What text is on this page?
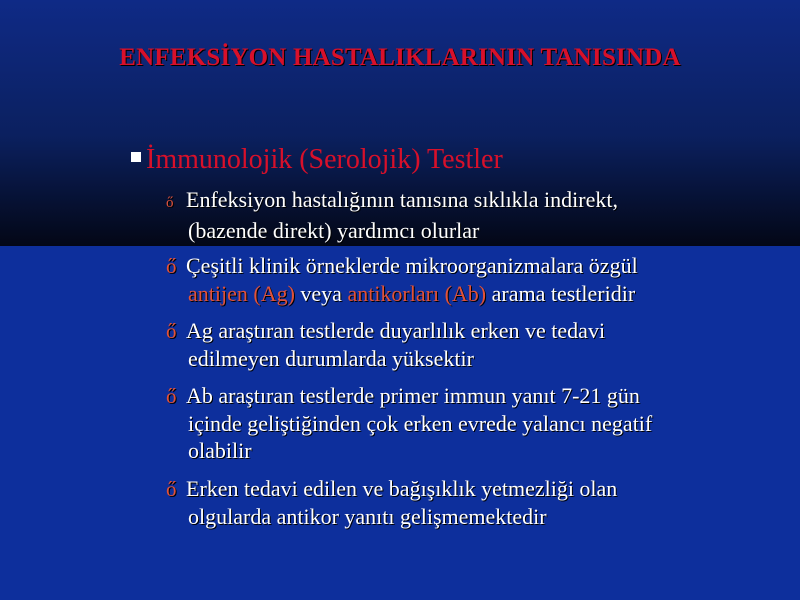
ENFEKSİYON HASTALIKLARININ TANISINDA
İmmunolojik (Serolojik) Testler
ő Enfeksiyon hastalığının tanısına sıklıkla indirekt,
(bazende direkt) yardımcı olurlar
ő Çeşitli klinik örneklerde mikroorganizmalara özgül
antijen (Ag) veya antikorları (Ab) arama testleridir
ő Ag araştıran testlerde duyarlılık erken ve tedavi
edilmeyen durumlarda yüksektir
ő Ab araştıran testlerde primer immun yanıt 7-21 gün
içinde geliştiğinden çok erken evrede yalancı negatif
olabilir
ő Erken tedavi edilen ve bağışıklık yetmezliği olan
olgularda antikor yanıtı gelişmemektedir
